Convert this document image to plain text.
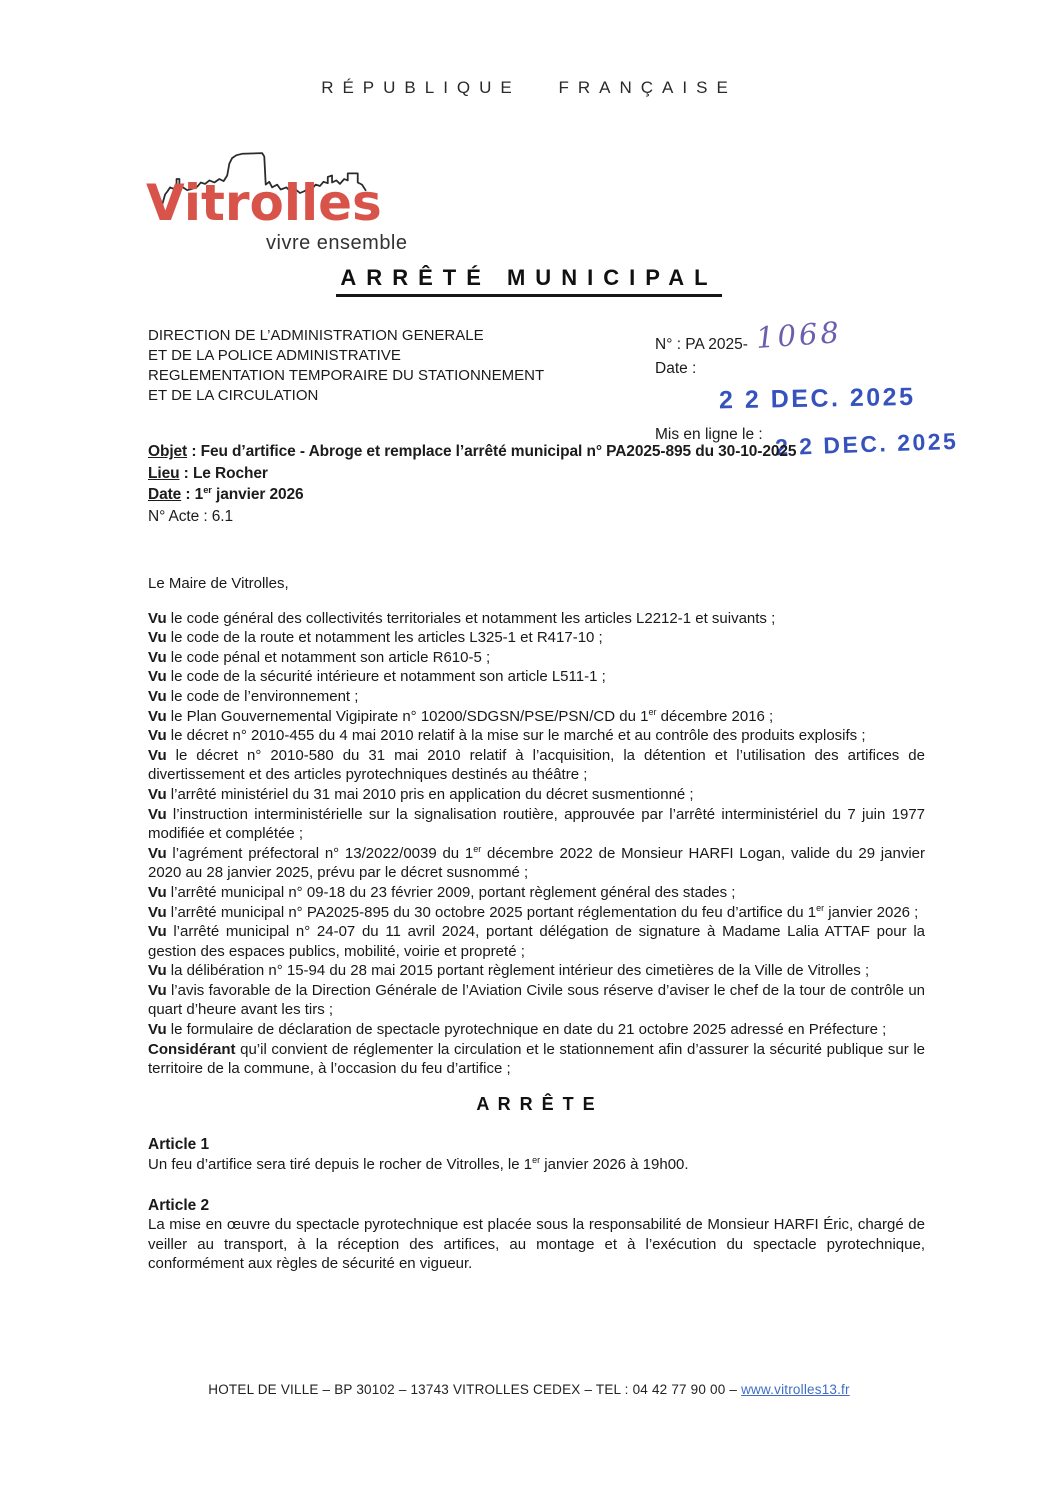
RÉPUBLIQUE FRANÇAISE
Vitrolles
vivre ensemble
ARRÊTÉ MUNICIPAL
DIRECTION DE L’ADMINISTRATION GENERALE
ET DE LA POLICE ADMINISTRATIVE
REGLEMENTATION TEMPORAIRE DU STATIONNEMENT
ET DE LA CIRCULATION
N° : PA 2025- 1068
Date :
2 2 DEC. 2025
Mis en ligne le : 2 2 DEC. 2025
Objet : Feu d’artifice - Abroge et remplace l’arrêté municipal n° PA2025-895 du 30-10-2025
Lieu : Le Rocher
Date : 1er janvier 2026
N° Acte : 6.1

Le Maire de Vitrolles,

Vu le code général des collectivités territoriales et notamment les articles L2212-1 et suivants ;

Vu le code de la route et notamment les articles L325-1 et R417-10 ;

Vu le code pénal et notamment son article R610-5 ;

Vu le code de la sécurité intérieure et notamment son article L511-1 ;

Vu le code de l’environnement ;

Vu le Plan Gouvernemental Vigipirate n° 10200/SDGSN/PSE/PSN/CD du 1er décembre 2016 ;

Vu le décret n° 2010-455 du 4 mai 2010 relatif à la mise sur le marché et au contrôle des produits explosifs ;

Vu le décret n° 2010-580 du 31 mai 2010 relatif à l’acquisition, la détention et l’utilisation des artifices de divertissement et des articles pyrotechniques destinés au théâtre ;

Vu l’arrêté ministériel du 31 mai 2010 pris en application du décret susmentionné ;

Vu l’instruction interministérielle sur la signalisation routière, approuvée par l’arrêté interministériel du 7 juin 1977 modifiée et complétée ;

Vu l’agrément préfectoral n° 13/2022/0039 du 1er décembre 2022 de Monsieur HARFI Logan, valide du 29 janvier 2020 au 28 janvier 2025, prévu par le décret susnommé ;

Vu l’arrêté municipal n° 09-18 du 23 février 2009, portant règlement général des stades ;

Vu l’arrêté municipal n° PA2025-895 du 30 octobre 2025 portant réglementation du feu d’artifice du 1er janvier 2026 ;

Vu l’arrêté municipal n° 24-07 du 11 avril 2024, portant délégation de signature à Madame Lalia ATTAF pour la gestion des espaces publics, mobilité, voirie et propreté ;

Vu la délibération n° 15-94 du 28 mai 2015 portant règlement intérieur des cimetières de la Ville de Vitrolles ;

Vu l’avis favorable de la Direction Générale de l’Aviation Civile sous réserve d’aviser le chef de la tour de contrôle un quart d’heure avant les tirs ;

Vu le formulaire de déclaration de spectacle pyrotechnique en date du 21 octobre 2025 adressé en Préfecture ;

Considérant qu’il convient de réglementer la circulation et le stationnement afin d’assurer la sécurité publique sur le territoire de la commune, à l’occasion du feu d’artifice ;

A R R Ê T E
Article 1

Un feu d’artifice sera tiré depuis le rocher de Vitrolles, le 1er janvier 2026 à 19h00.

Article 2

La mise en œuvre du spectacle pyrotechnique est placée sous la responsabilité de Monsieur HARFI Éric, chargé de veiller au transport, à la réception des artifices, au montage et à l’exécution du spectacle pyrotechnique, conformément aux règles de sécurité en vigueur.

HOTEL DE VILLE – BP 30102 – 13743 VITROLLES CEDEX – TEL : 04 42 77 90 00 – www.vitrolles13.fr
